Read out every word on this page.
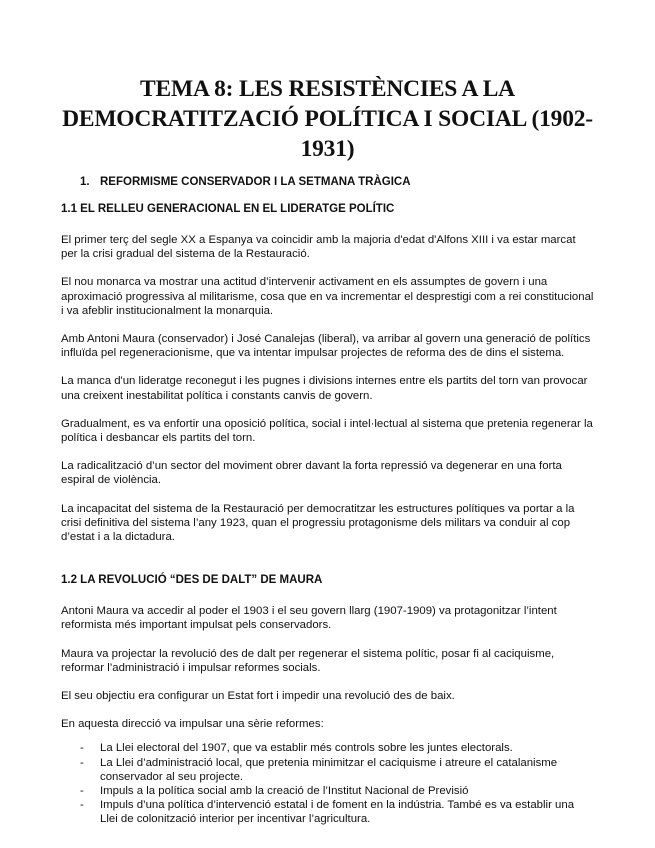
TEMA 8: LES RESISTÈNCIES A LA
DEMOCRATITZACIÓ POLÍTICA I SOCIAL (1902-1931)
1. REFORMISME CONSERVADOR I LA SETMANA TRÀGICA
1.1 EL RELLEU GENERACIONAL EN EL LIDERATGE POLÍTIC

El primer terç del segle XX a Espanya va coincidir amb la majoria d'edat d'Alfons XIII i va estar marcat per la crisi gradual del sistema de la Restauració.

El nou monarca va mostrar una actitud d’intervenir activament en els assumptes de govern i una aproximació progressiva al militarisme, cosa que en va incrementar el desprestigi com a rei constitucional i va afeblir institucionalment la monarquia.

Amb Antoni Maura (conservador) i José Canalejas (liberal), va arribar al govern una generació de polítics influïda pel regeneracionisme, que va intentar impulsar projectes de reforma des de dins el sistema.

La manca d'un lideratge reconegut i les pugnes i divisions internes entre els partits del torn van provocar una creixent inestabilitat política i constants canvis de govern.

Gradualment, es va enfortir una oposició política, social i intel·lectual al sistema que pretenia regenerar la política i desbancar els partits del torn.

La radicalització d’un sector del moviment obrer davant la forta repressió va degenerar en una forta espiral de violència.

La incapacitat del sistema de la Restauració per democratitzar les estructures polítiques va portar a la crisi definitiva del sistema l’any 1923, quan el progressiu protagonisme dels militars va conduir al cop d’estat i a la dictadura.

1.2 LA REVOLUCIÓ “DES DE DALT” DE MAURA

Antoni Maura va accedir al poder el 1903 i el seu govern llarg (1907-1909) va protagonitzar l’intent reformista més important impulsat pels conservadors.

Maura va projectar la revolució des de dalt per regenerar el sistema polític, posar fi al caciquisme, reformar l’administració i impulsar reformes socials.

El seu objectiu era configurar un Estat fort i impedir una revolució des de baix.

En aquesta direcció va impulsar una sèrie reformes:

- La Llei electoral del 1907, que va establir més controls sobre les juntes electorals.
- La Llei d’administració local, que pretenia minimitzar el caciquisme i atreure el catalanisme conservador al seu projecte.
- Impuls a la política social amb la creació de l’Institut Nacional de Previsió
- Impuls d’una política d’intervenció estatal i de foment en la indústria. També es va establir una Llei de colonització interior per incentivar l’agricultura.
